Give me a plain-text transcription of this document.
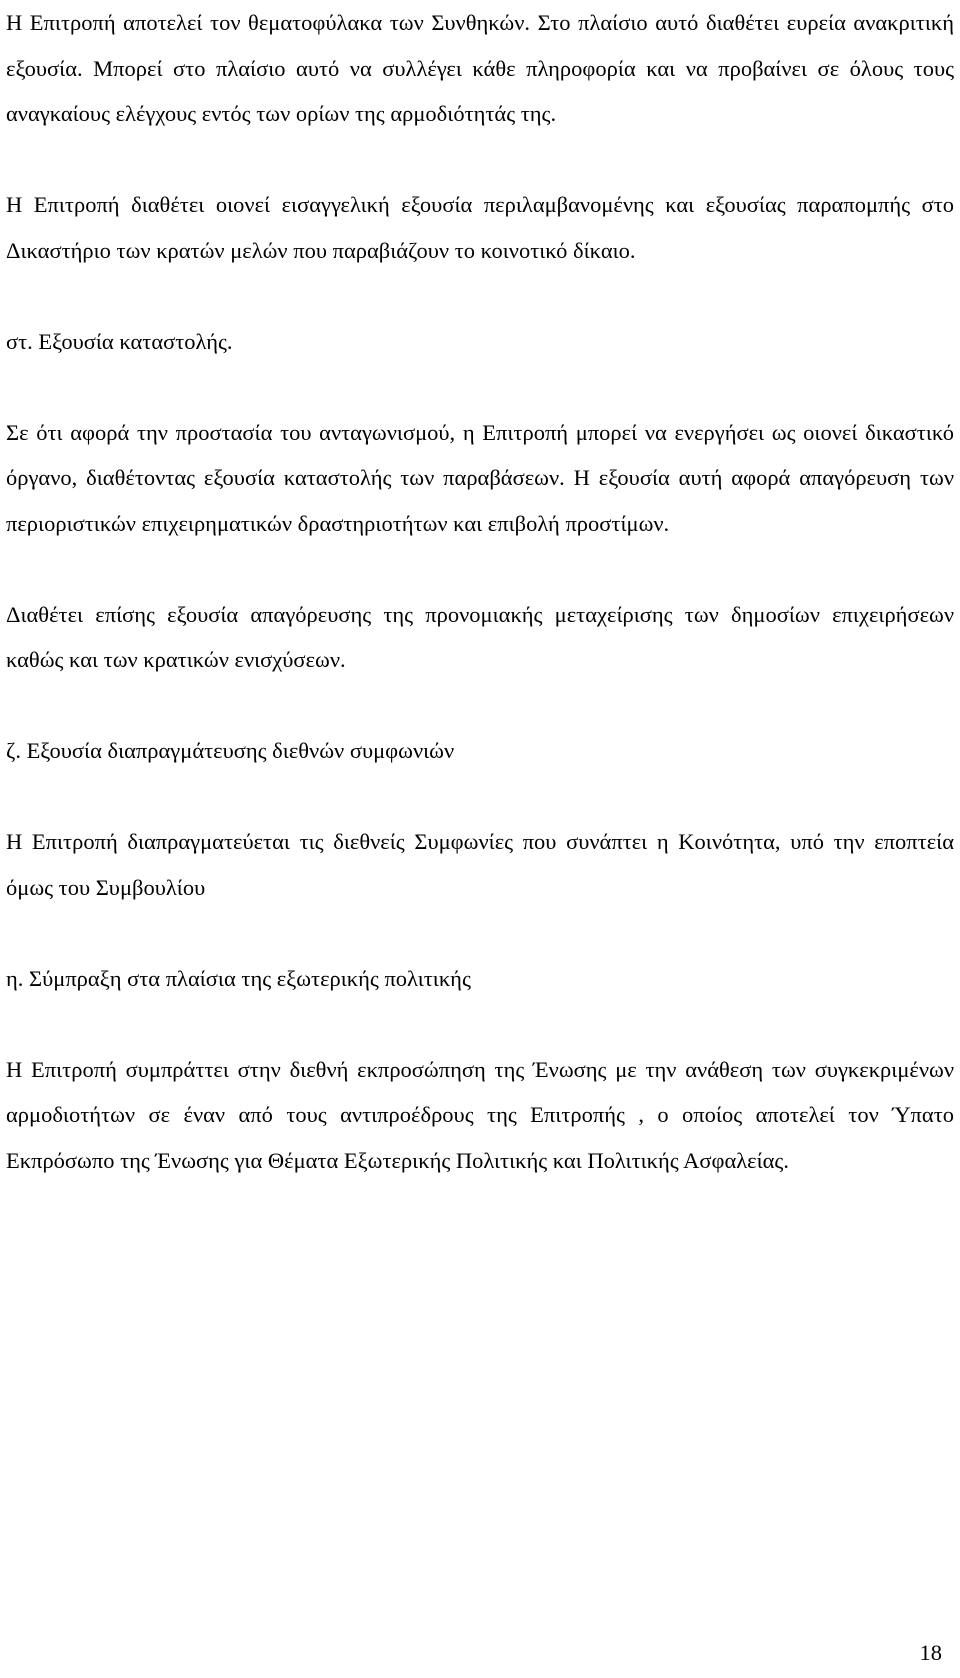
Η Επιτροπή αποτελεί τον θεματοφύλακα των Συνθηκών. Στο πλαίσιο αυτό διαθέτει ευρεία ανακριτική εξουσία. Μπορεί στο πλαίσιο αυτό να συλλέγει κάθε πληροφορία και να προβαίνει σε όλους τους αναγκαίους ελέγχους εντός των ορίων της αρμοδιότητάς της.

Η Επιτροπή διαθέτει οιονεί εισαγγελική εξουσία περιλαμβανομένης και εξουσίας παραπομπής στο Δικαστήριο των κρατών μελών που παραβιάζουν το κοινοτικό δίκαιο.

στ. Εξουσία καταστολής.

Σε ότι αφορά την προστασία του ανταγωνισμού, η Επιτροπή μπορεί να ενεργήσει ως οιονεί δικαστικό όργανο, διαθέτοντας εξουσία καταστολής των παραβάσεων. Η εξουσία αυτή αφορά απαγόρευση των περιοριστικών επιχειρηματικών δραστηριοτήτων και επιβολή προστίμων.

Διαθέτει επίσης εξουσία απαγόρευσης της προνομιακής μεταχείρισης των δημοσίων επιχειρήσεων καθώς και των κρατικών ενισχύσεων.

ζ. Εξουσία διαπραγμάτευσης διεθνών συμφωνιών

Η Επιτροπή διαπραγματεύεται τις διεθνείς Συμφωνίες που συνάπτει η Κοινότητα, υπό την εποπτεία όμως του Συμβουλίου

η. Σύμπραξη στα πλαίσια της εξωτερικής πολιτικής

Η Επιτροπή συμπράττει στην διεθνή εκπροσώπηση της Ένωσης με την ανάθεση των συγκεκριμένων αρμοδιοτήτων σε έναν από τους αντιπροέδρους της Επιτροπής , ο οποίος αποτελεί τον Ύπατο Εκπρόσωπο της Ένωσης για Θέματα Εξωτερικής Πολιτικής και Πολιτικής Ασφαλείας.

18
